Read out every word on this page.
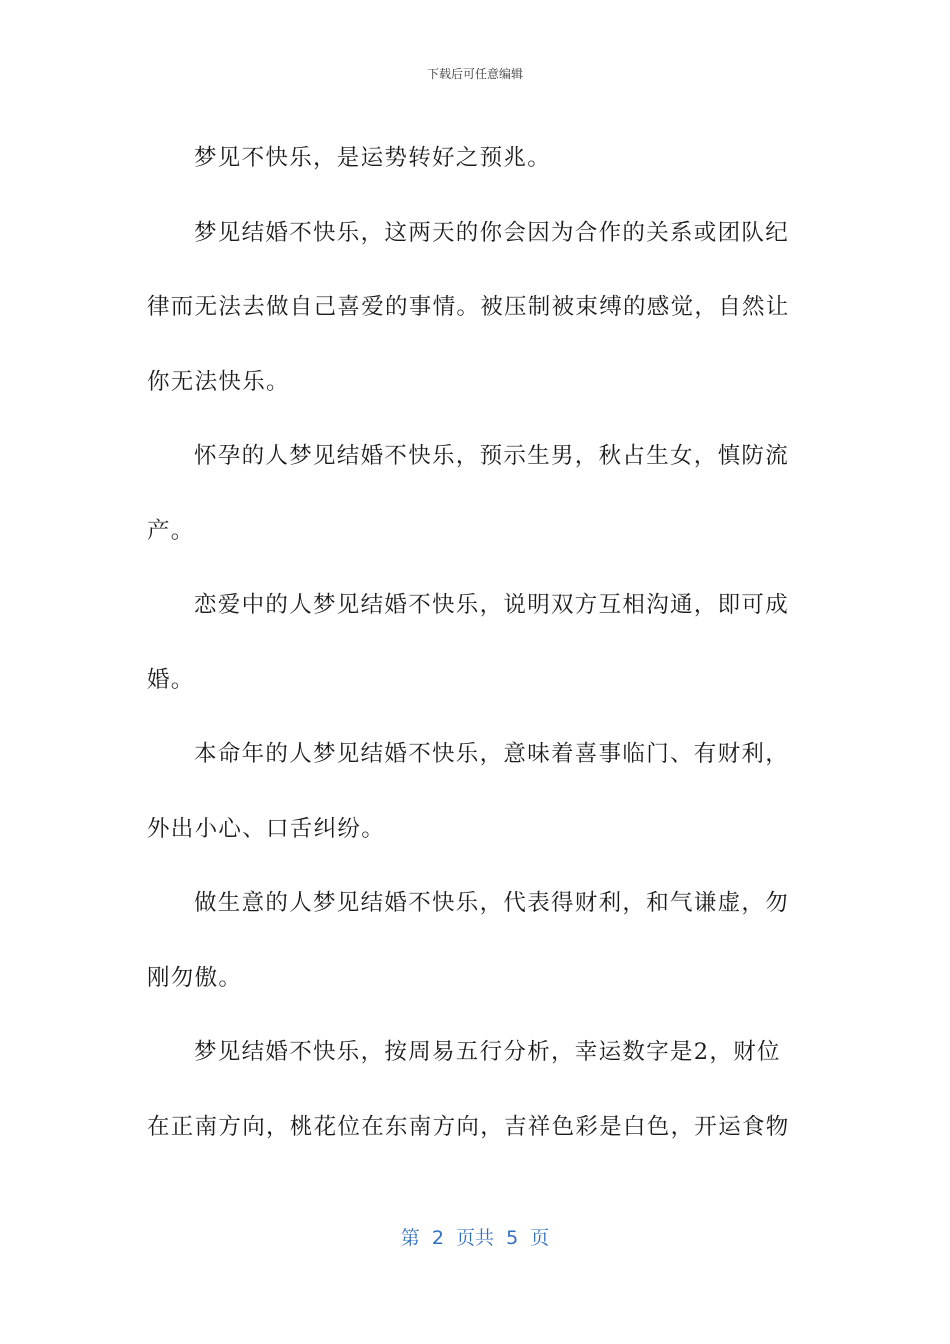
下载后可任意编辑

梦见不快乐，是运势转好之预兆。

梦见结婚不快乐，这两天的你会因为合作的关系或团队纪
律而无法去做自己喜爱的事情。被压制被束缚的感觉，自然让
你无法快乐。

怀孕的人梦见结婚不快乐，预示生男，秋占生女，慎防流
产。

恋爱中的人梦见结婚不快乐，说明双方互相沟通，即可成
婚。

本命年的人梦见结婚不快乐，意味着喜事临门、有财利，
外出小心、口舌纠纷。

做生意的人梦见结婚不快乐，代表得财利，和气谦虚，勿
刚勿傲。

梦见结婚不快乐，按周易五行分析，幸运数字是2，财位
在正南方向，桃花位在东南方向，吉祥色彩是白色，开运食物

第  2  页共  5  页
